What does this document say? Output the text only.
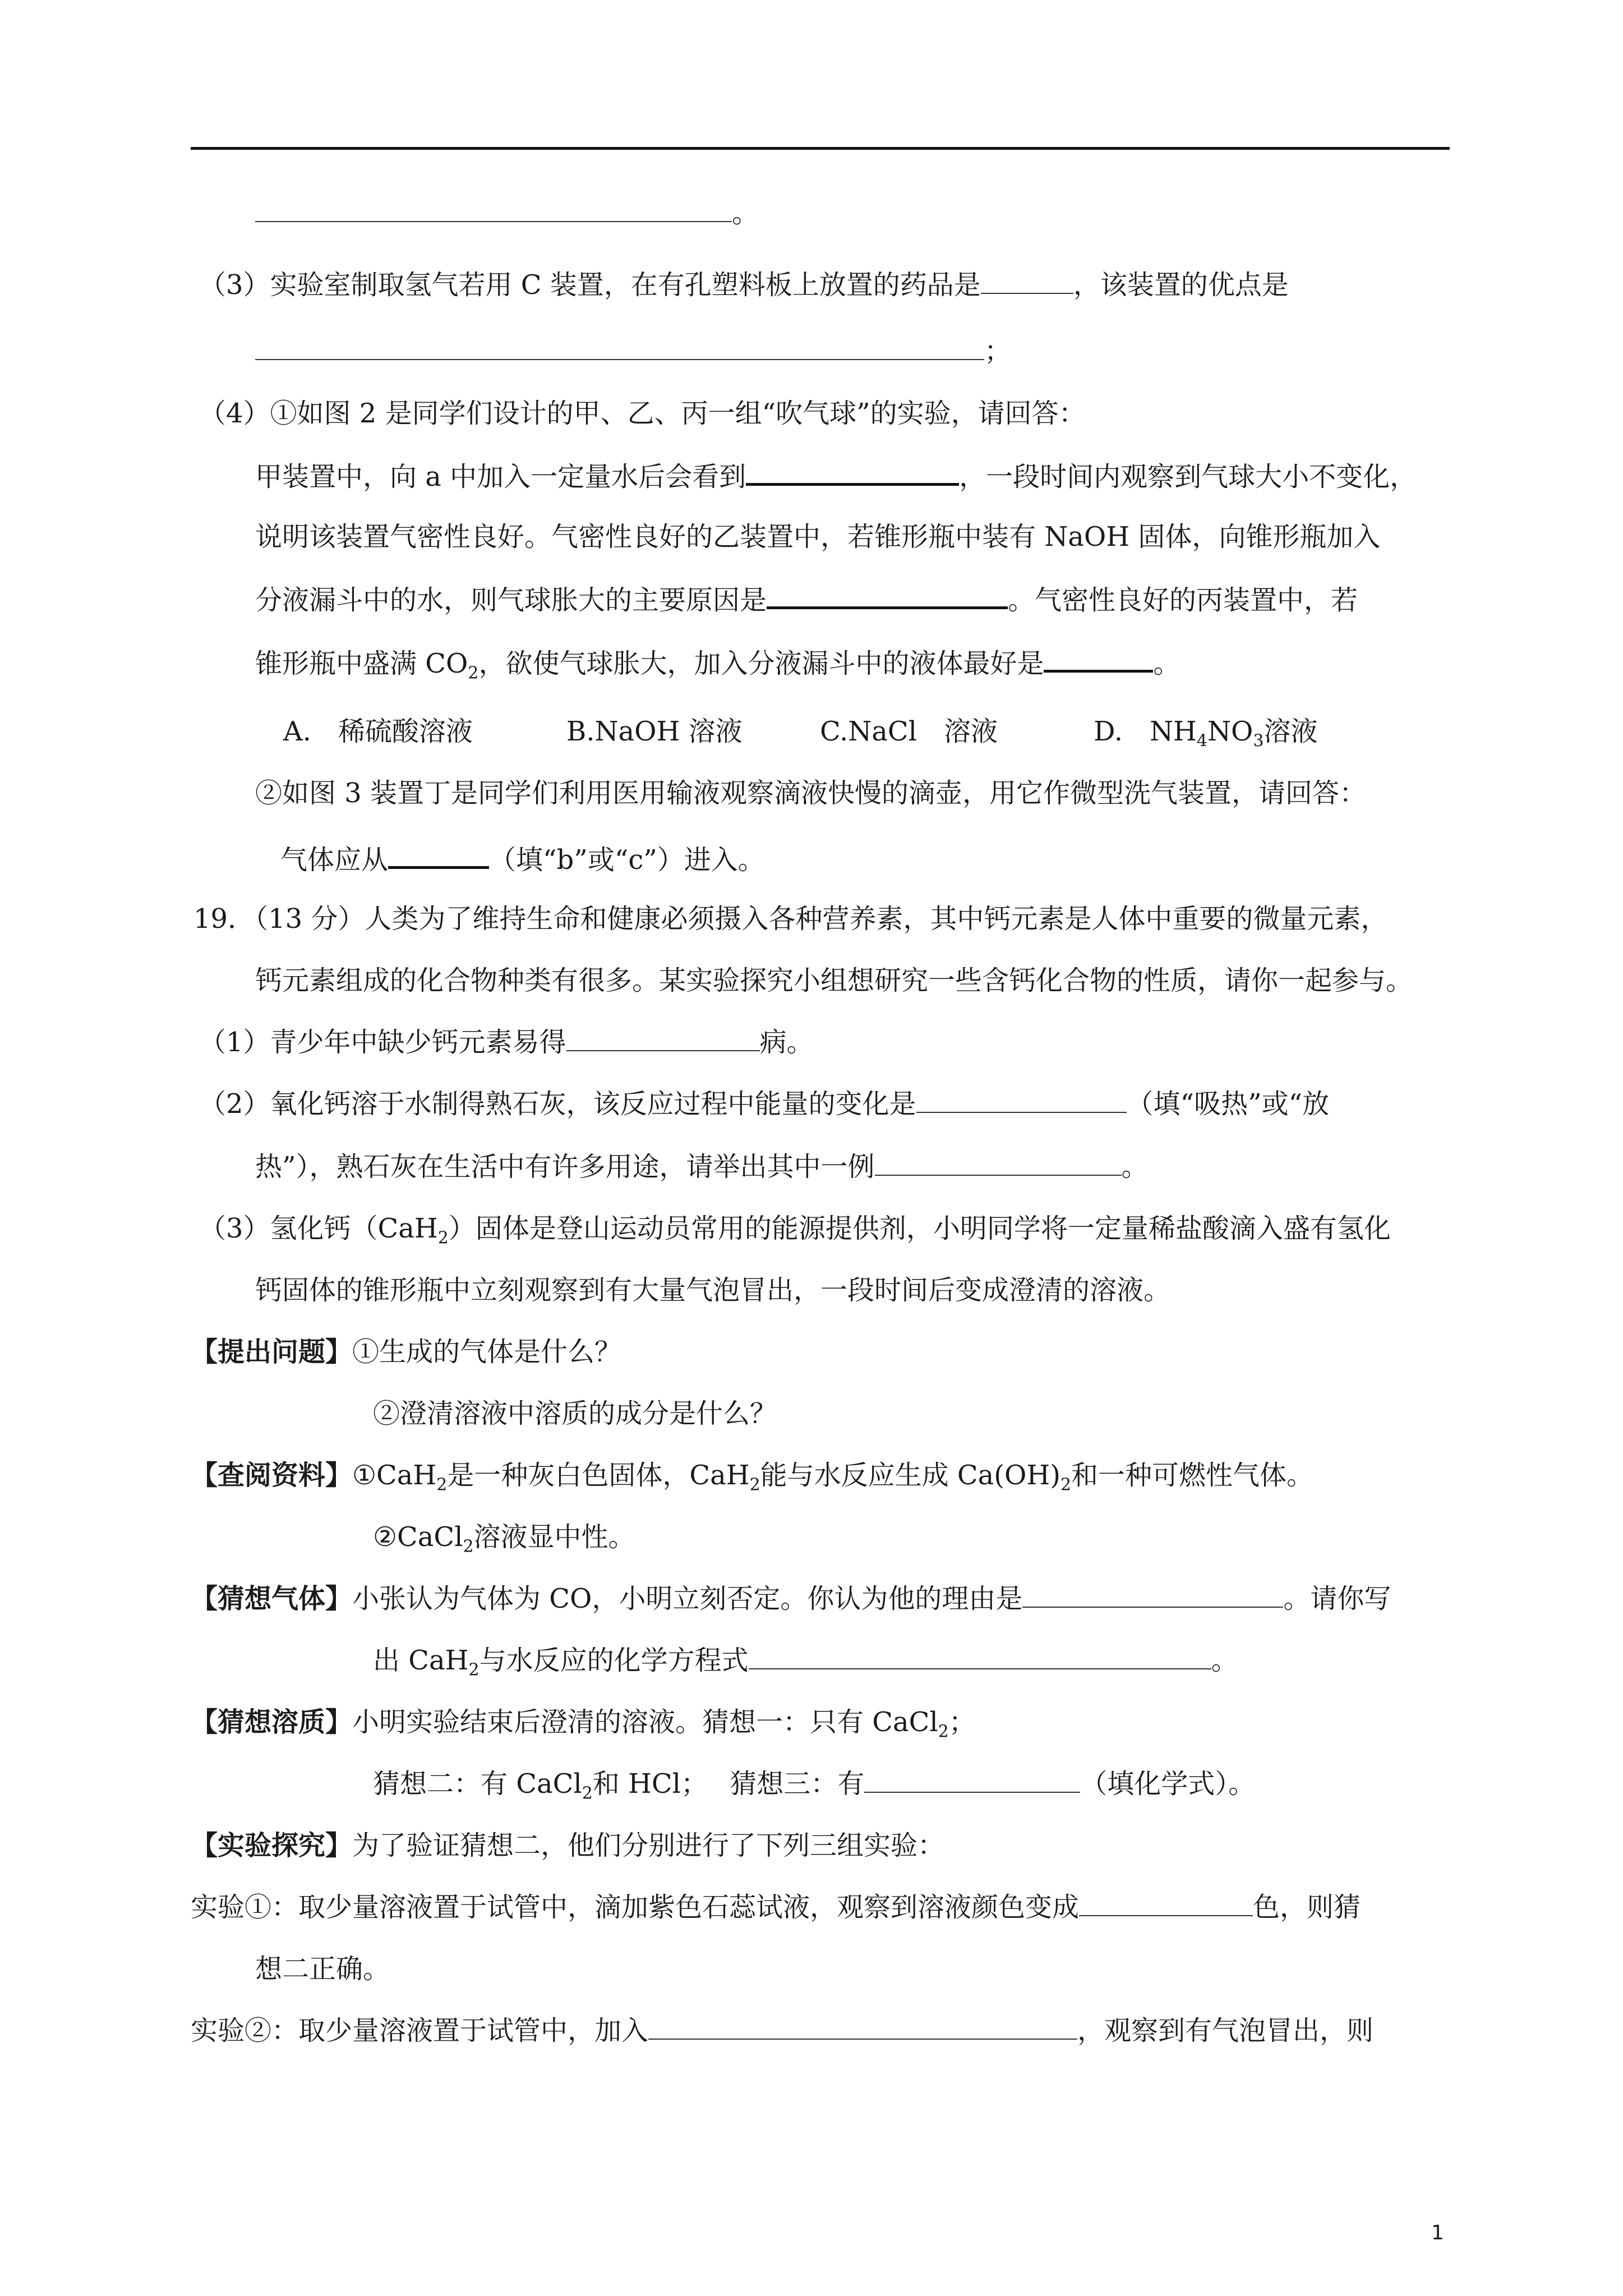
。
（3）实验室制取氢气若用 C 装置，在有孔塑料板上放置的药品是	，该装置的优点是
；
（4）①如图 2 是同学们设计的甲、乙、丙一组“吹气球”的实验，请回答：
甲装置中，向 a 中加入一定量水后会看到	，一段时间内观察到气球大小不变化，
说明该装置气密性良好。气密性良好的乙装置中，若锥形瓶中装有 NaOH 固体，向锥形瓶加入
分液漏斗中的水，则气球胀大的主要原因是	。气密性良好的丙装置中，若
锥形瓶中盛满 $CO_2$，欲使气球胀大，加入分液漏斗中的液体最好是	。
A.　稀硫酸溶液	B.NaOH 溶液	C.NaCl　溶液	D.　$NH_4NO_3$溶液
②如图 3 装置丁是同学们利用医用输液观察滴液快慢的滴壶，用它作微型洗气装置，请回答：
气体应从	（填“b”或“c”）进入。
19．（13 分）人类为了维持生命和健康必须摄入各种营养素，其中钙元素是人体中重要的微量元素，
钙元素组成的化合物种类有很多。某实验探究小组想研究一些含钙化合物的性质，请你一起参与。
（1）青少年中缺少钙元素易得	病。
（2）氧化钙溶于水制得熟石灰，该反应过程中能量的变化是	（填“吸热”或“放
热”），熟石灰在生活中有许多用途，请举出其中一例	。
（3）氢化钙（CaH$_2$）固体是登山运动员常用的能源提供剂，小明同学将一定量稀盐酸滴入盛有氢化
钙固体的锥形瓶中立刻观察到有大量气泡冒出，一段时间后变成澄清的溶液。
【提出问题】①生成的气体是什么？
②澄清溶液中溶质的成分是什么？
【查阅资料】①CaH$_2$是一种灰白色固体，CaH$_2$能与水反应生成 $Ca(OH)_2$和一种可燃性气体。
②CaCl$_2$溶液显中性。
【猜想气体】小张认为气体为 CO，小明立刻否定。你认为他的理由是	。请你写
出 CaH$_2$与水反应的化学方程式	。
【猜想溶质】小明实验结束后澄清的溶液。猜想一：只有 CaCl$_2$；
猜想二：有 CaCl$_2$和 HCl；　 猜想三：有	（填化学式）。
【实验探究】为了验证猜想二，他们分别进行了下列三组实验：
实验①：取少量溶液置于试管中，滴加紫色石蕊试液，观察到溶液颜色变成	色，则猜
想二正确。
实验②：取少量溶液置于试管中，加入	，观察到有气泡冒出，则
1
